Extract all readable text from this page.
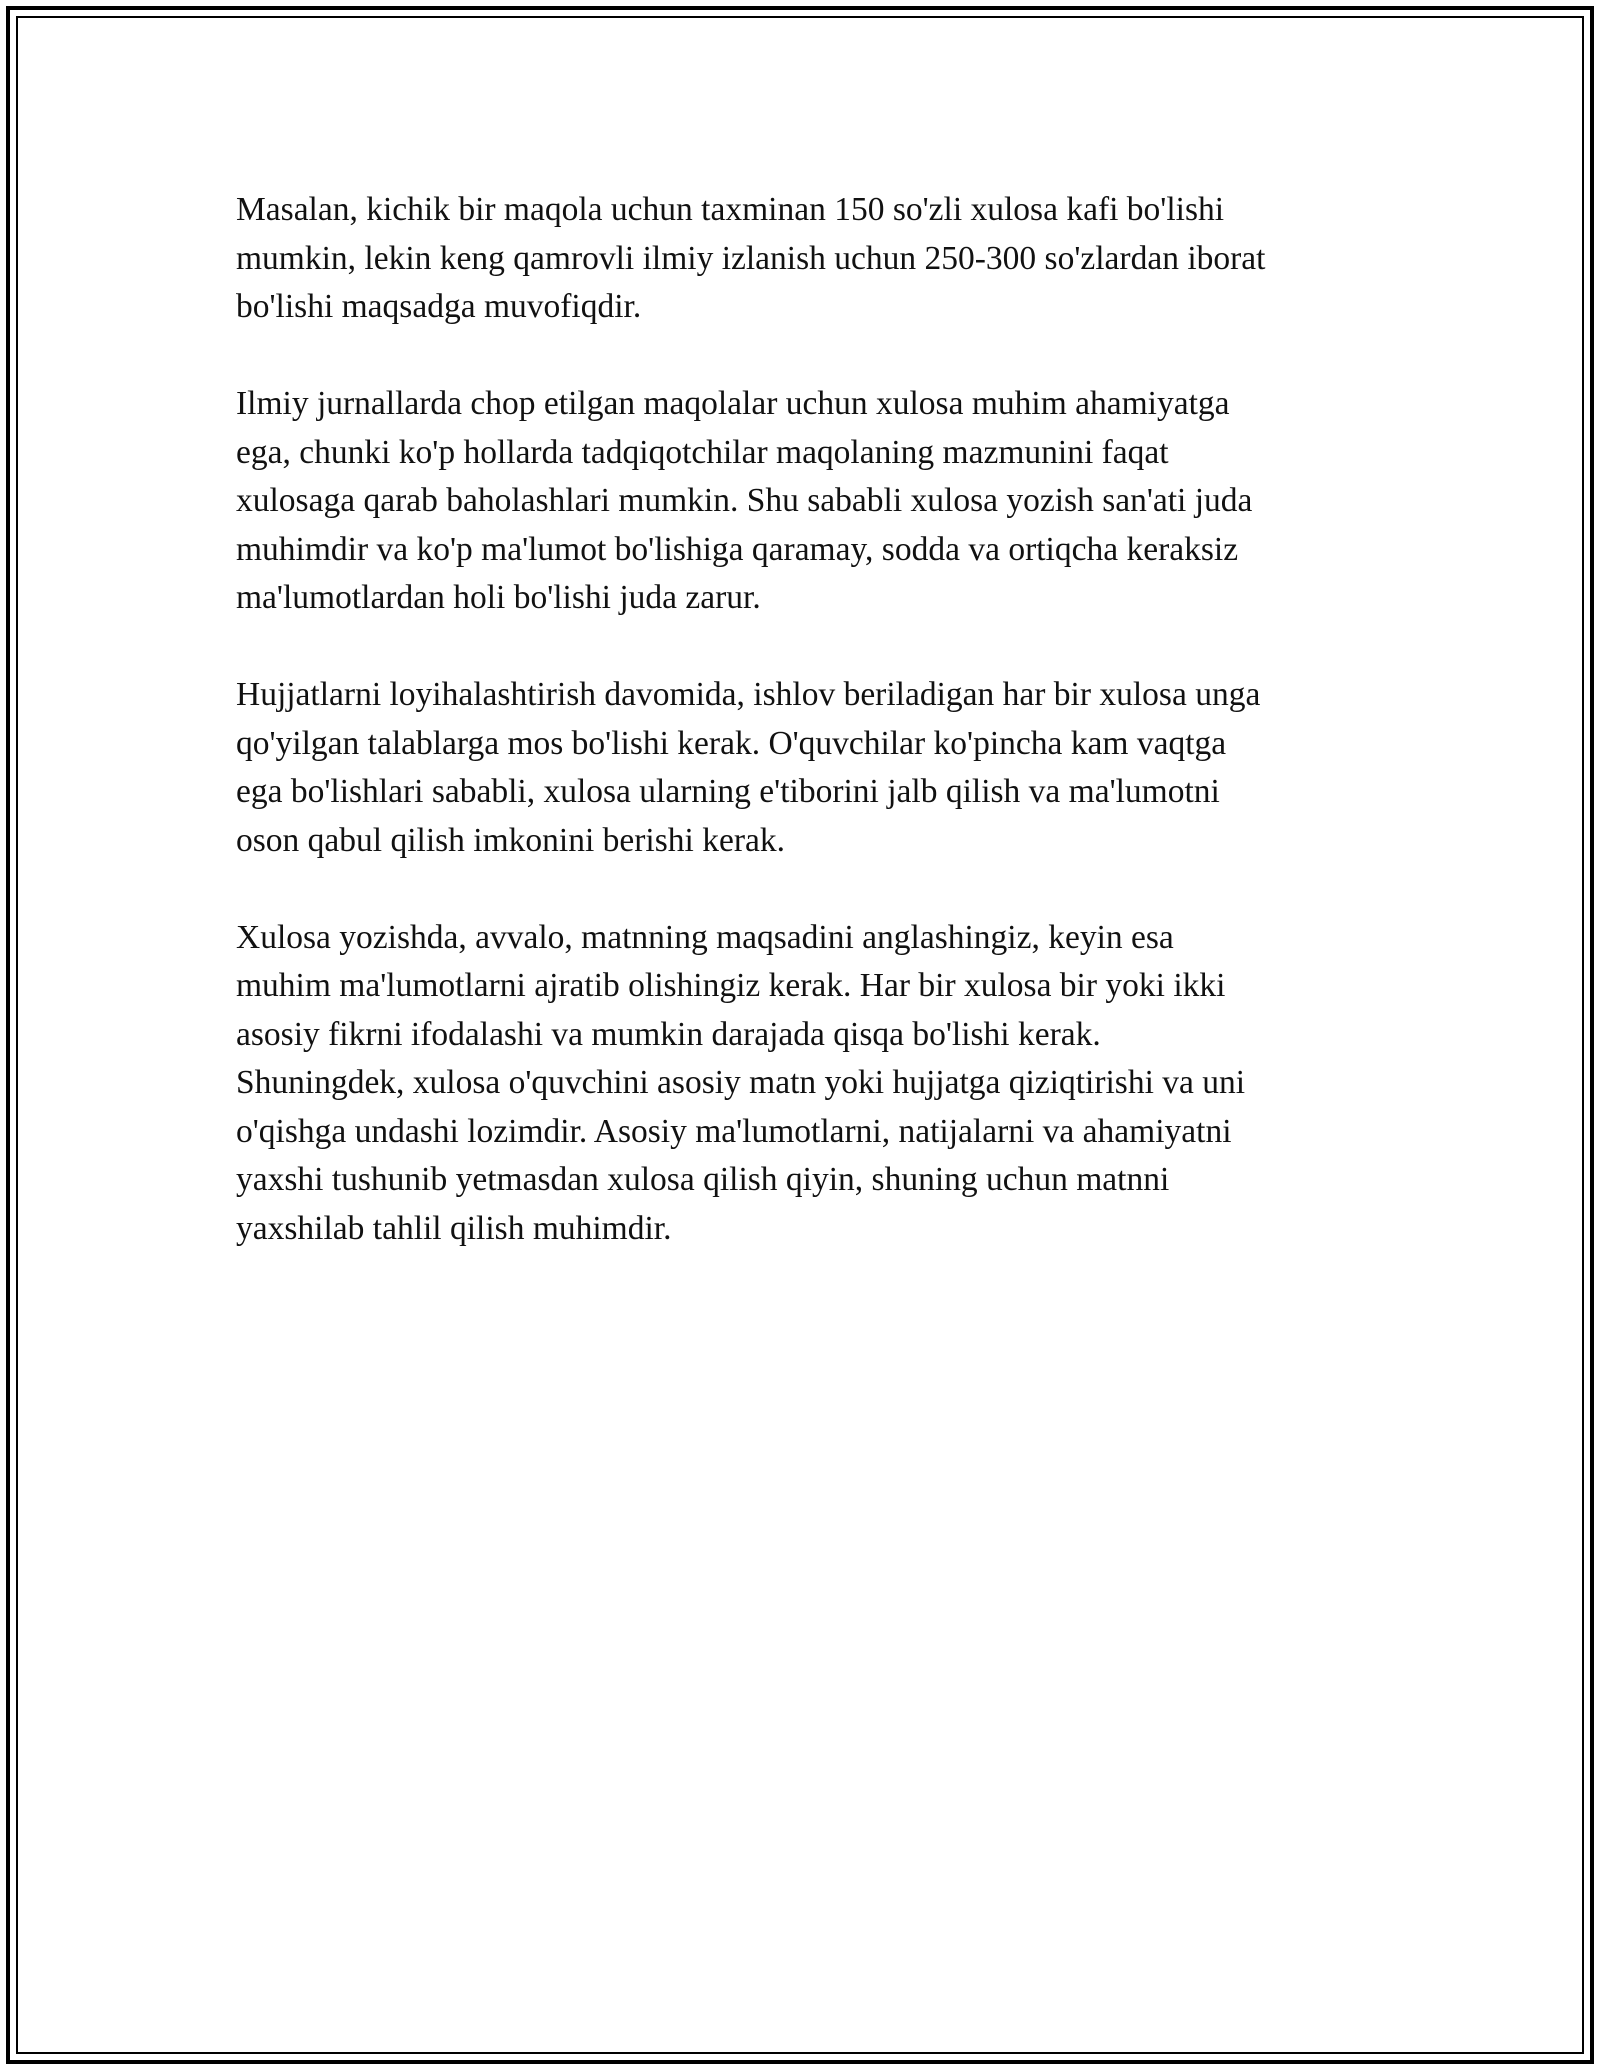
Masalan, kichik bir maqola uchun taxminan 150 so'zli xulosa kafi bo'lishi
mumkin, lekin keng qamrovli ilmiy izlanish uchun 250-300 so'zlardan iborat
bo'lishi maqsadga muvofiqdir.

Ilmiy jurnallarda chop etilgan maqolalar uchun xulosa muhim ahamiyatga
ega, chunki ko'p hollarda tadqiqotchilar maqolaning mazmunini faqat
xulosaga qarab baholashlari mumkin. Shu sababli xulosa yozish san'ati juda
muhimdir va ko'p ma'lumot bo'lishiga qaramay, sodda va ortiqcha keraksiz
ma'lumotlardan holi bo'lishi juda zarur.

Hujjatlarni loyihalashtirish davomida, ishlov beriladigan har bir xulosa unga
qo'yilgan talablarga mos bo'lishi kerak. O'quvchilar ko'pincha kam vaqtga
ega bo'lishlari sababli, xulosa ularning e'tiborini jalb qilish va ma'lumotni
oson qabul qilish imkonini berishi kerak.

Xulosa yozishda, avvalo, matnning maqsadini anglashingiz, keyin esa
muhim ma'lumotlarni ajratib olishingiz kerak. Har bir xulosa bir yoki ikki
asosiy fikrni ifodalashi va mumkin darajada qisqa bo'lishi kerak.
Shuningdek, xulosa o'quvchini asosiy matn yoki hujjatga qiziqtirishi va uni
o'qishga undashi lozimdir. Asosiy ma'lumotlarni, natijalarni va ahamiyatni
yaxshi tushunib yetmasdan xulosa qilish qiyin, shuning uchun matnni
yaxshilab tahlil qilish muhimdir.
